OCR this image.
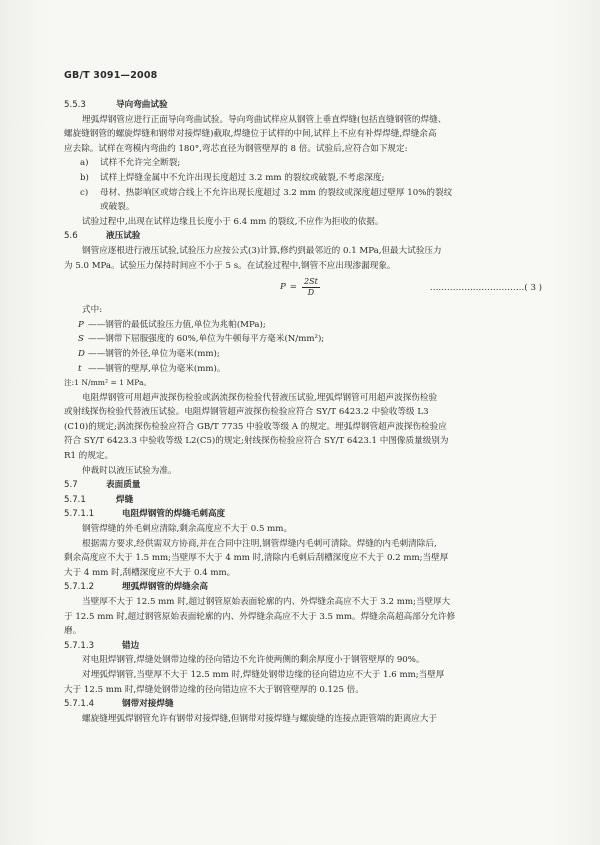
GB/T 3091—2008
5.5.3	导向弯曲试验
埋弧焊钢管应进行正面导向弯曲试验。导向弯曲试样应从钢管上垂直焊缝(包括直缝钢管的焊缝、
螺旋缝钢管的螺旋焊缝和钢带对接焊缝)截取,焊缝位于试样的中间,试样上不应有补焊焊缝,焊缝余高
应去除。试样在弯模内弯曲约 180°,弯芯直径为钢管壁厚的 8 倍。试验后,应符合如下规定:
a) 试样不允许完全断裂;
b) 试样上焊缝金属中不允许出现长度超过 3.2 mm 的裂纹或破裂,不考虑深度;
c) 母材、热影响区或熔合线上不允许出现长度超过 3.2 mm 的裂纹或深度超过壁厚 10%的裂纹
或破裂。
试验过程中,出现在试样边缘且长度小于 6.4 mm 的裂纹,不应作为拒收的依据。
5.6	液压试验
钢管应逐根进行液压试验,试验压力应按公式(3)计算,修约到最邻近的 0.1 MPa,但最大试验压力
为 5.0 MPa。试验压力保持时间应不小于 5 s。在试验过程中,钢管不应出现渗漏现象。
$P = \frac{2St}{D}$	……………………………( 3 )
式中:
P ——钢管的最低试验压力值,单位为兆帕(MPa);
S ——钢带下屈服强度的 60%,单位为牛顿每平方毫米(N/mm²);
D ——钢管的外径,单位为毫米(mm);
t ——钢管的壁厚,单位为毫米(mm)。
注:1 N/mm² = 1 MPa。
电阻焊钢管可用超声波探伤检验或涡流探伤检验代替液压试验,埋弧焊钢管可用超声波探伤检验
或射线探伤检验代替液压试验。电阻焊钢管超声波探伤检验应符合 SY/T 6423.2 中验收等级 L3
(C10)的规定;涡流探伤检验应符合 GB/T 7735 中验收等级 A 的规定。埋弧焊钢管超声波探伤检验应
符合 SY/T 6423.3 中验收等级 L2(C5)的规定;射线探伤检验应符合 SY/T 6423.1 中图像质量级别为
R1 的规定。
仲裁时以液压试验为准。
5.7	表面质量
5.7.1	焊缝
5.7.1.1	电阻焊钢管的焊缝毛刺高度
钢管焊缝的外毛刺应清除,剩余高度应不大于 0.5 mm。
根据需方要求,经供需双方协商,并在合同中注明,钢管焊缝内毛刺可清除。焊缝的内毛刺清除后,
剩余高度应不大于 1.5 mm;当壁厚不大于 4 mm 时,清除内毛刺后刮槽深度应不大于 0.2 mm;当壁厚
大于 4 mm 时,刮槽深度应不大于 0.4 mm。
5.7.1.2	埋弧焊钢管的焊缝余高
当壁厚不大于 12.5 mm 时,超过钢管原始表面轮廓的内、外焊缝余高应不大于 3.2 mm;当壁厚大
于 12.5 mm 时,超过钢管原始表面轮廓的内、外焊缝余高应不大于 3.5 mm。焊缝余高超高部分允许修
磨。
5.7.1.3	错边
对电阻焊钢管,焊缝处钢带边缘的径向错边不允许使两侧的剩余厚度小于钢管壁厚的 90%。
对埋弧焊钢管,当壁厚不大于 12.5 mm 时,焊缝处钢带边缘的径向错边应不大于 1.6 mm;当壁厚
大于 12.5 mm 时,焊缝处钢带边缘的径向错边应不大于钢管壁厚的 0.125 倍。
5.7.1.4	钢带对接焊缝
螺旋缝埋弧焊钢管允许有钢带对接焊缝,但钢带对接焊缝与螺旋缝的连接点距管端的距离应大于
